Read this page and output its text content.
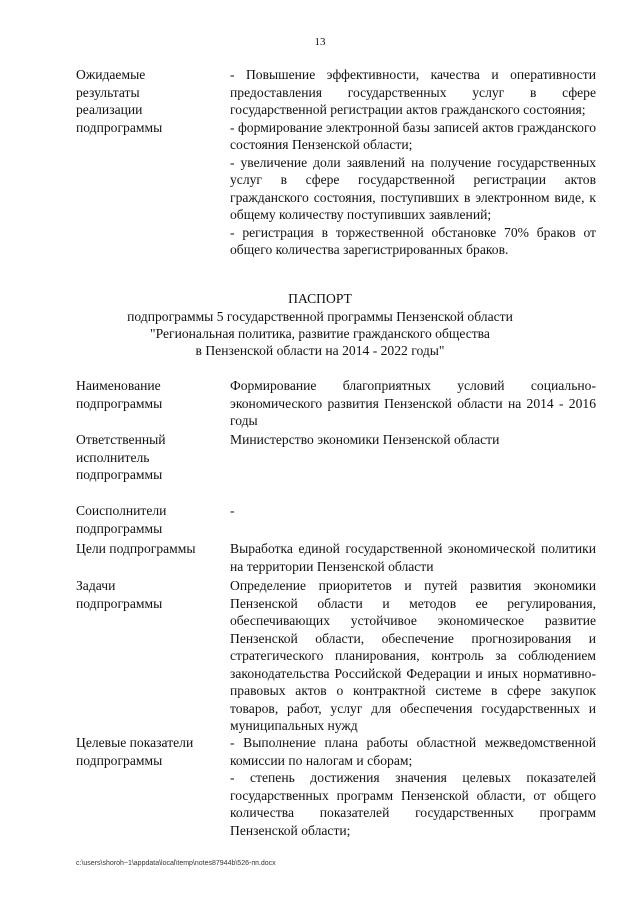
13
Ожидаемые
результаты
реализации
подпрограммы

- Повышение эффективности, качества и оперативности предоставления государственных услуг в сфере государственной регистрации актов гражданского состояния;

- формирование электронной базы записей актов гражданского состояния Пензенской области;

- увеличение доли заявлений на получение государственных услуг в сфере государственной регистрации актов гражданского состояния, поступивших в электронном виде, к общему количеству поступивших заявлений;

- регистрация в торжественной обстановке 70% браков от общего количества зарегистрированных браков.

ПАСПОРТ
подпрограммы 5 государственной программы Пензенской области
"Региональная политика, развитие гражданского общества
в Пензенской области на 2014 - 2022 годы"
Наименование
подпрограммы

Формирование благоприятных условий социально-экономического развития Пензенской области на 2014 - 2016 годы

Ответственный
исполнитель
подпрограммы

Министерство экономики Пензенской области

Соисполнители
подпрограммы

-

Цели подпрограммы	Выработка единой государственной экономической политики на территории Пензенской области

Задачи
подпрограммы

Определение приоритетов и путей развития экономики Пензенской области и методов ее регулирования, обеспечивающих устойчивое экономическое развитие Пензенской области, обеспечение прогнозирования и стратегического планирования, контроль за соблюдением законодательства Российской Федерации и иных нормативно-правовых актов о контрактной системе в сфере закупок товаров, работ, услуг для обеспечения государственных и муниципальных нужд

Целевые показатели
подпрограммы

- Выполнение плана работы областной межведомственной комиссии по налогам и сборам;

- степень достижения значения целевых показателей государственных программ Пензенской области, от общего количества показателей государственных программ Пензенской области;

c:\users\shoroh~1\appdata\local\temp\notes87944b\526-пп.docx
